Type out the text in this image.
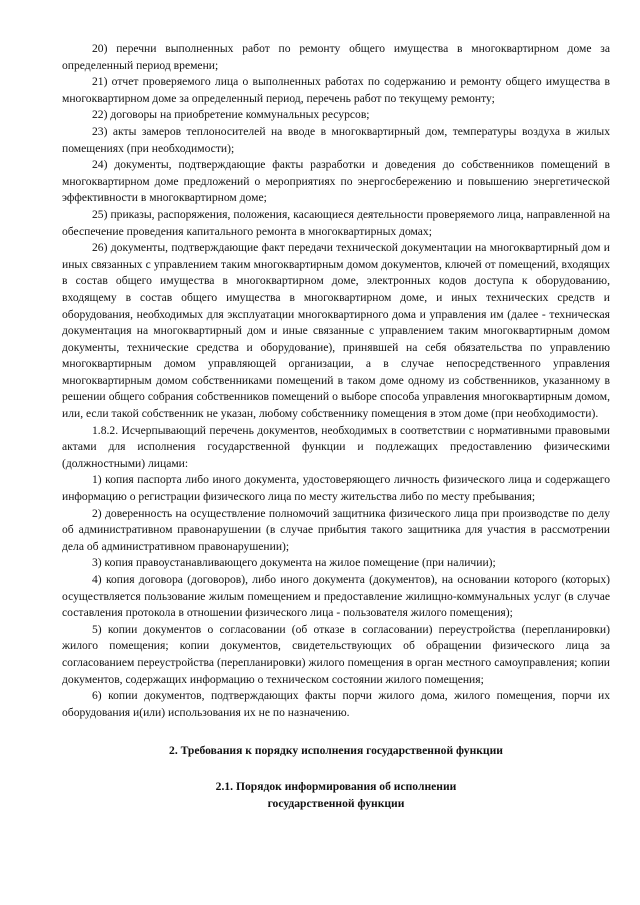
20) перечни выполненных работ по ремонту общего имущества в многоквартирном доме за определенный период времени;

21) отчет проверяемого лица о выполненных работах по содержанию и ремонту общего имущества в многоквартирном доме за определенный период, перечень работ по текущему ремонту;

22) договоры на приобретение коммунальных ресурсов;

23) акты замеров теплоносителей на вводе в многоквартирный дом, температуры воздуха в жилых помещениях (при необходимости);

24) документы, подтверждающие факты разработки и доведения до собственников помещений в многоквартирном доме предложений о мероприятиях по энергосбережению и повышению энергетической эффективности в многоквартирном доме;

25) приказы, распоряжения, положения, касающиеся деятельности проверяемого лица, направленной на обеспечение проведения капитального ремонта в многоквартирных домах;

26) документы, подтверждающие факт передачи технической документации на многоквартирный дом и иных связанных с управлением таким многоквартирным домом документов, ключей от помещений, входящих в состав общего имущества в многоквартирном доме, электронных кодов доступа к оборудованию, входящему в состав общего имущества в многоквартирном доме, и иных технических средств и оборудования, необходимых для эксплуатации многоквартирного дома и управления им (далее - техническая документация на многоквартирный дом и иные связанные с управлением таким многоквартирным домом документы, технические средства и оборудование), принявшей на себя обязательства по управлению многоквартирным домом управляющей организации, а в случае непосредственного управления многоквартирным домом собственниками помещений в таком доме одному из собственников, указанному в решении общего собрания собственников помещений о выборе способа управления многоквартирным домом, или, если такой собственник не указан, любому собственнику помещения в этом доме (при необходимости).

1.8.2. Исчерпывающий перечень документов, необходимых в соответствии с нормативными правовыми актами для исполнения государственной функции и подлежащих предоставлению физическими (должностными) лицами:

1) копия паспорта либо иного документа, удостоверяющего личность физического лица и содержащего информацию о регистрации физического лица по месту жительства либо по месту пребывания;

2) доверенность на осуществление полномочий защитника физического лица при производстве по делу об административном правонарушении (в случае прибытия такого защитника для участия в рассмотрении дела об административном правонарушении);

3) копия правоустанавливающего документа на жилое помещение (при наличии);

4) копия договора (договоров), либо иного документа (документов), на основании которого (которых) осуществляется пользование жилым помещением и предоставление жилищно-коммунальных услуг (в случае составления протокола в отношении физического лица - пользователя жилого помещения);

5) копии документов о согласовании (об отказе в согласовании) переустройства (перепланировки) жилого помещения; копии документов, свидетельствующих об обращении физического лица за согласованием переустройства (перепланировки) жилого помещения в орган местного самоуправления; копии документов, содержащих информацию о техническом состоянии жилого помещения;

6) копии документов, подтверждающих факты порчи жилого дома, жилого помещения, порчи их оборудования и(или) использования их не по назначению.

2. Требования к порядку исполнения государственной функции

2.1. Порядок информирования об исполнении

государственной функции
